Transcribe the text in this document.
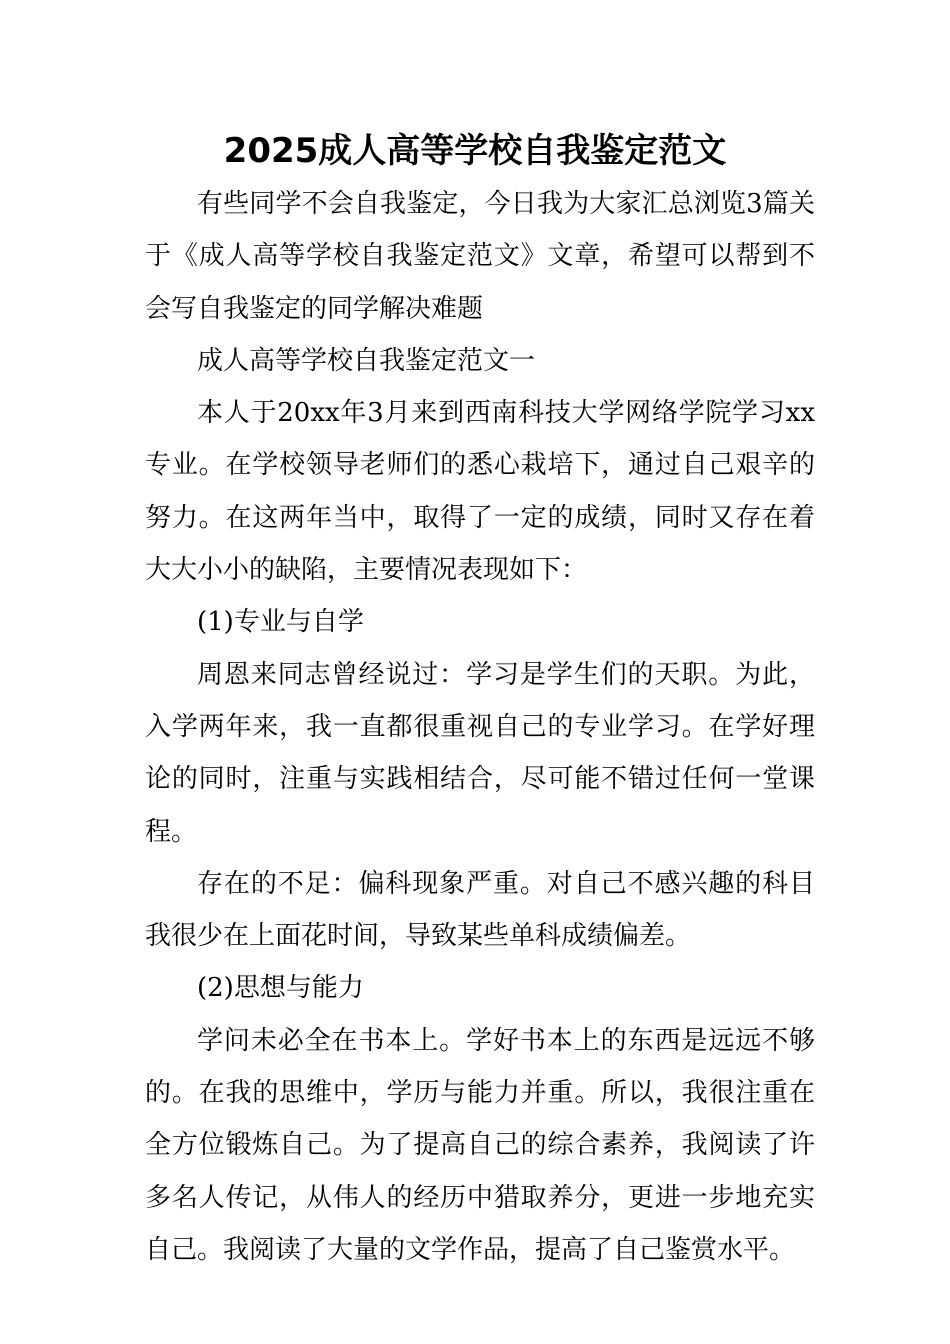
2025成人高等学校自我鉴定范文

有些同学不会自我鉴定，今日我为大家汇总浏览3篇关于《成人高等学校自我鉴定范文》文章，希望可以帮到不会写自我鉴定的同学解决难题

成人高等学校自我鉴定范文一

本人于20xx年3月来到西南科技大学网络学院学习xx专业。在学校领导老师们的悉心栽培下，通过自己艰辛的努力。在这两年当中，取得了一定的成绩，同时又存在着大大小小的缺陷，主要情况表现如下：

(1)专业与自学

周恩来同志曾经说过：学习是学生们的天职。为此，入学两年来，我一直都很重视自己的专业学习。在学好理论的同时，注重与实践相结合，尽可能不错过任何一堂课程。

存在的不足：偏科现象严重。对自己不感兴趣的科目我很少在上面花时间，导致某些单科成绩偏差。

(2)思想与能力

学问未必全在书本上。学好书本上的东西是远远不够的。在我的思维中，学历与能力并重。所以，我很注重在全方位锻炼自己。为了提高自己的综合素养，我阅读了许多名人传记，从伟人的经历中猎取养分，更进一步地充实自己。我阅读了大量的文学作品，提高了自己鉴赏水平。
